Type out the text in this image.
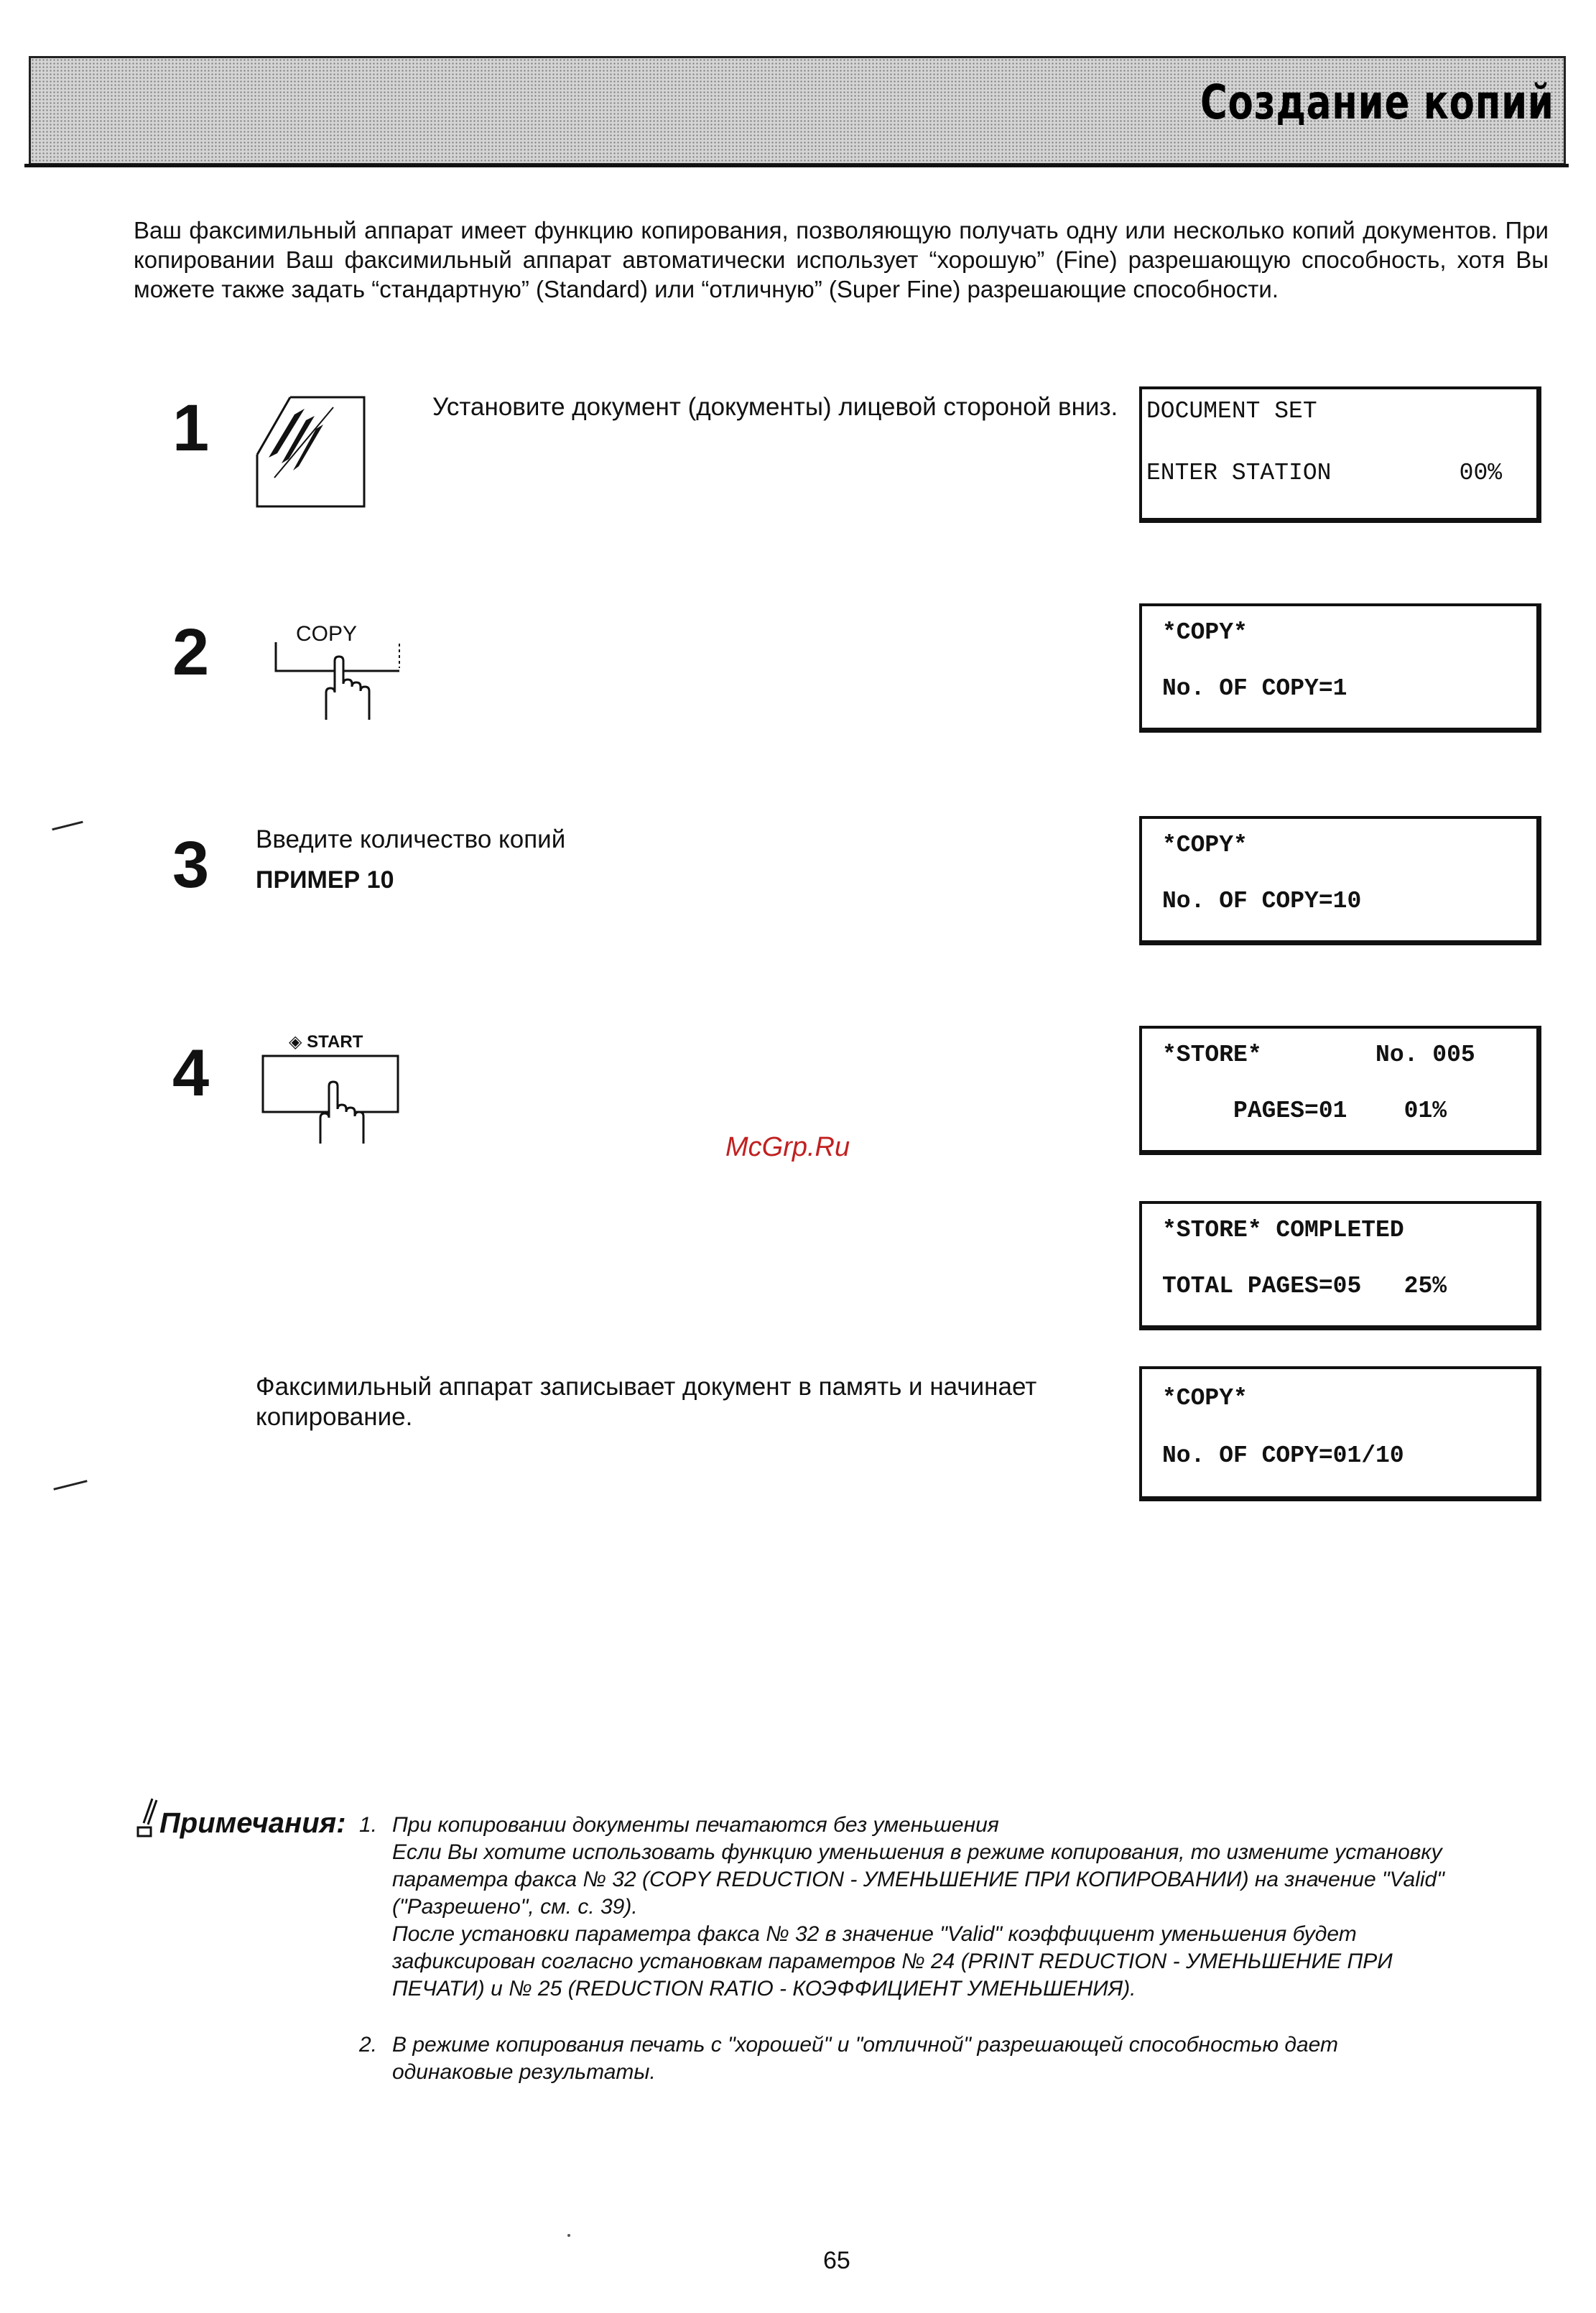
Создание копий
Ваш факсимильный аппарат имеет функцию копирования, позволяющую получать одну или несколько копий документов. При копировании Ваш факсимильный аппарат автоматически использует “хорошую” (Fine) разрешающую способность, хотя Вы можете также задать “стандартную” (Standard) или “отличную” (Super Fine) разрешающие способности.
1	Установите документ (документы) лицевой стороной вниз.
2	COPY
3 Введите количество копий
ПРИМЕР 10
4	◈ START
McGrp.Ru
Факсимильный аппарат записывает документ в память и начинает копирование.
DOCUMENT SET
ENTER STATION         00%
*COPY*
No. OF COPY=1
*COPY*
No. OF COPY=10
*STORE*        No. 005
PAGES=01    01%
*STORE* COMPLETED
TOTAL PAGES=05   25%
*COPY*
No. OF COPY=01/10
Примечания: 1. При копировании документы печатаются без уменьшения
Если Вы хотите использовать функцию уменьшения в режиме копирования, то измените установку
параметра факса № 32 (COPY REDUCTION - УМЕНЬШЕНИЕ ПРИ КОПИРОВАНИИ) на значение "Valid"
("Разрешено", см. с. 39).
После установки параметра факса № 32 в значение "Valid" коэффициент уменьшения будет
зафиксирован согласно установкам параметров № 24 (PRINT REDUCTION - УМЕНЬШЕНИЕ ПРИ
ПЕЧАТИ) и № 25 (REDUCTION RATIO - КОЭФФИЦИЕНТ УМЕНЬШЕНИЯ).
2. В режиме копирования печать с "хорошей" и "отличной" разрешающей способностью дает
одинаковые результаты.
65
